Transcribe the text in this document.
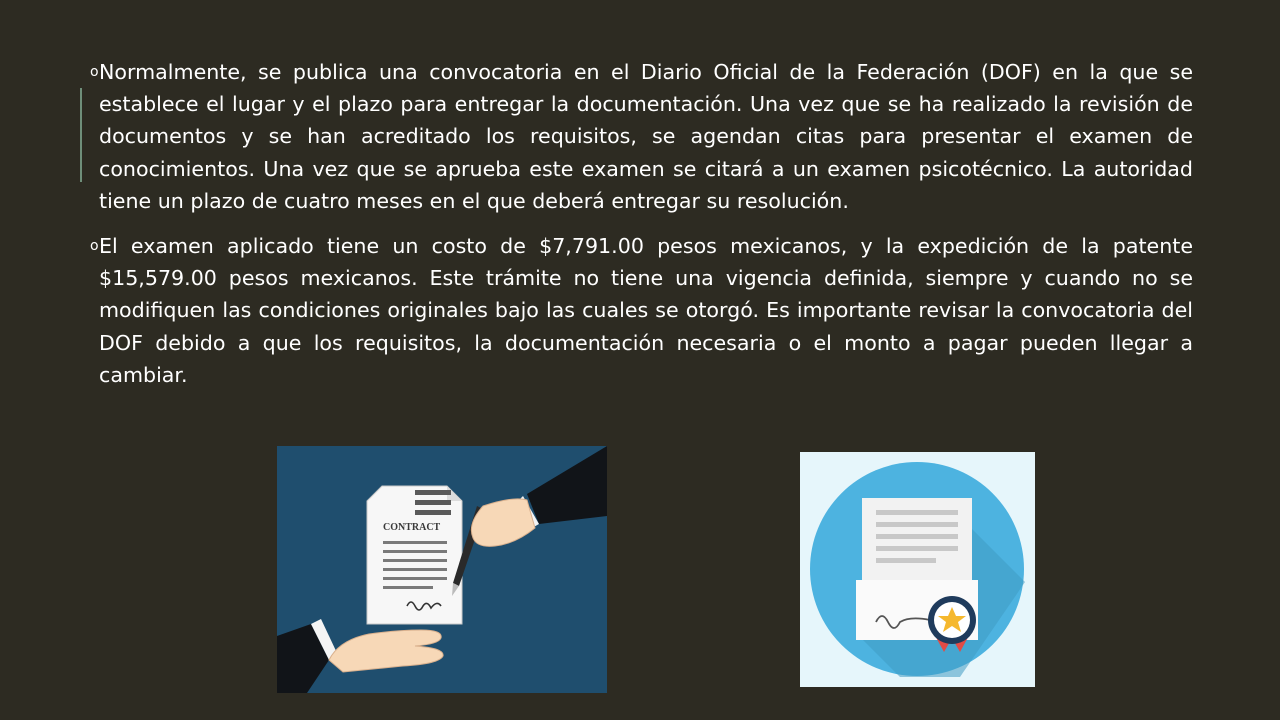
o Normalmente, se publica una convocatoria en el Diario Oficial de la Federación (DOF) en la que se establece el lugar y el plazo para entregar la documentación. Una vez que se ha realizado la revisión de documentos y se han acreditado los requisitos, se agendan citas para presentar el examen de conocimientos. Una vez que se aprueba este examen se citará a un examen psicotécnico. La autoridad tiene un plazo de cuatro meses en el que deberá entregar su resolución.
o El examen aplicado tiene un costo de $7,791.00 pesos mexicanos, y la expedición de la patente $15,579.00 pesos mexicanos. Este trámite no tiene una vigencia definida, siempre y cuando no se modifiquen las condiciones originales bajo las cuales se otorgó. Es importante revisar la convocatoria del DOF debido a que los requisitos, la documentación necesaria o el monto a pagar pueden llegar a cambiar.
CONTRACT
